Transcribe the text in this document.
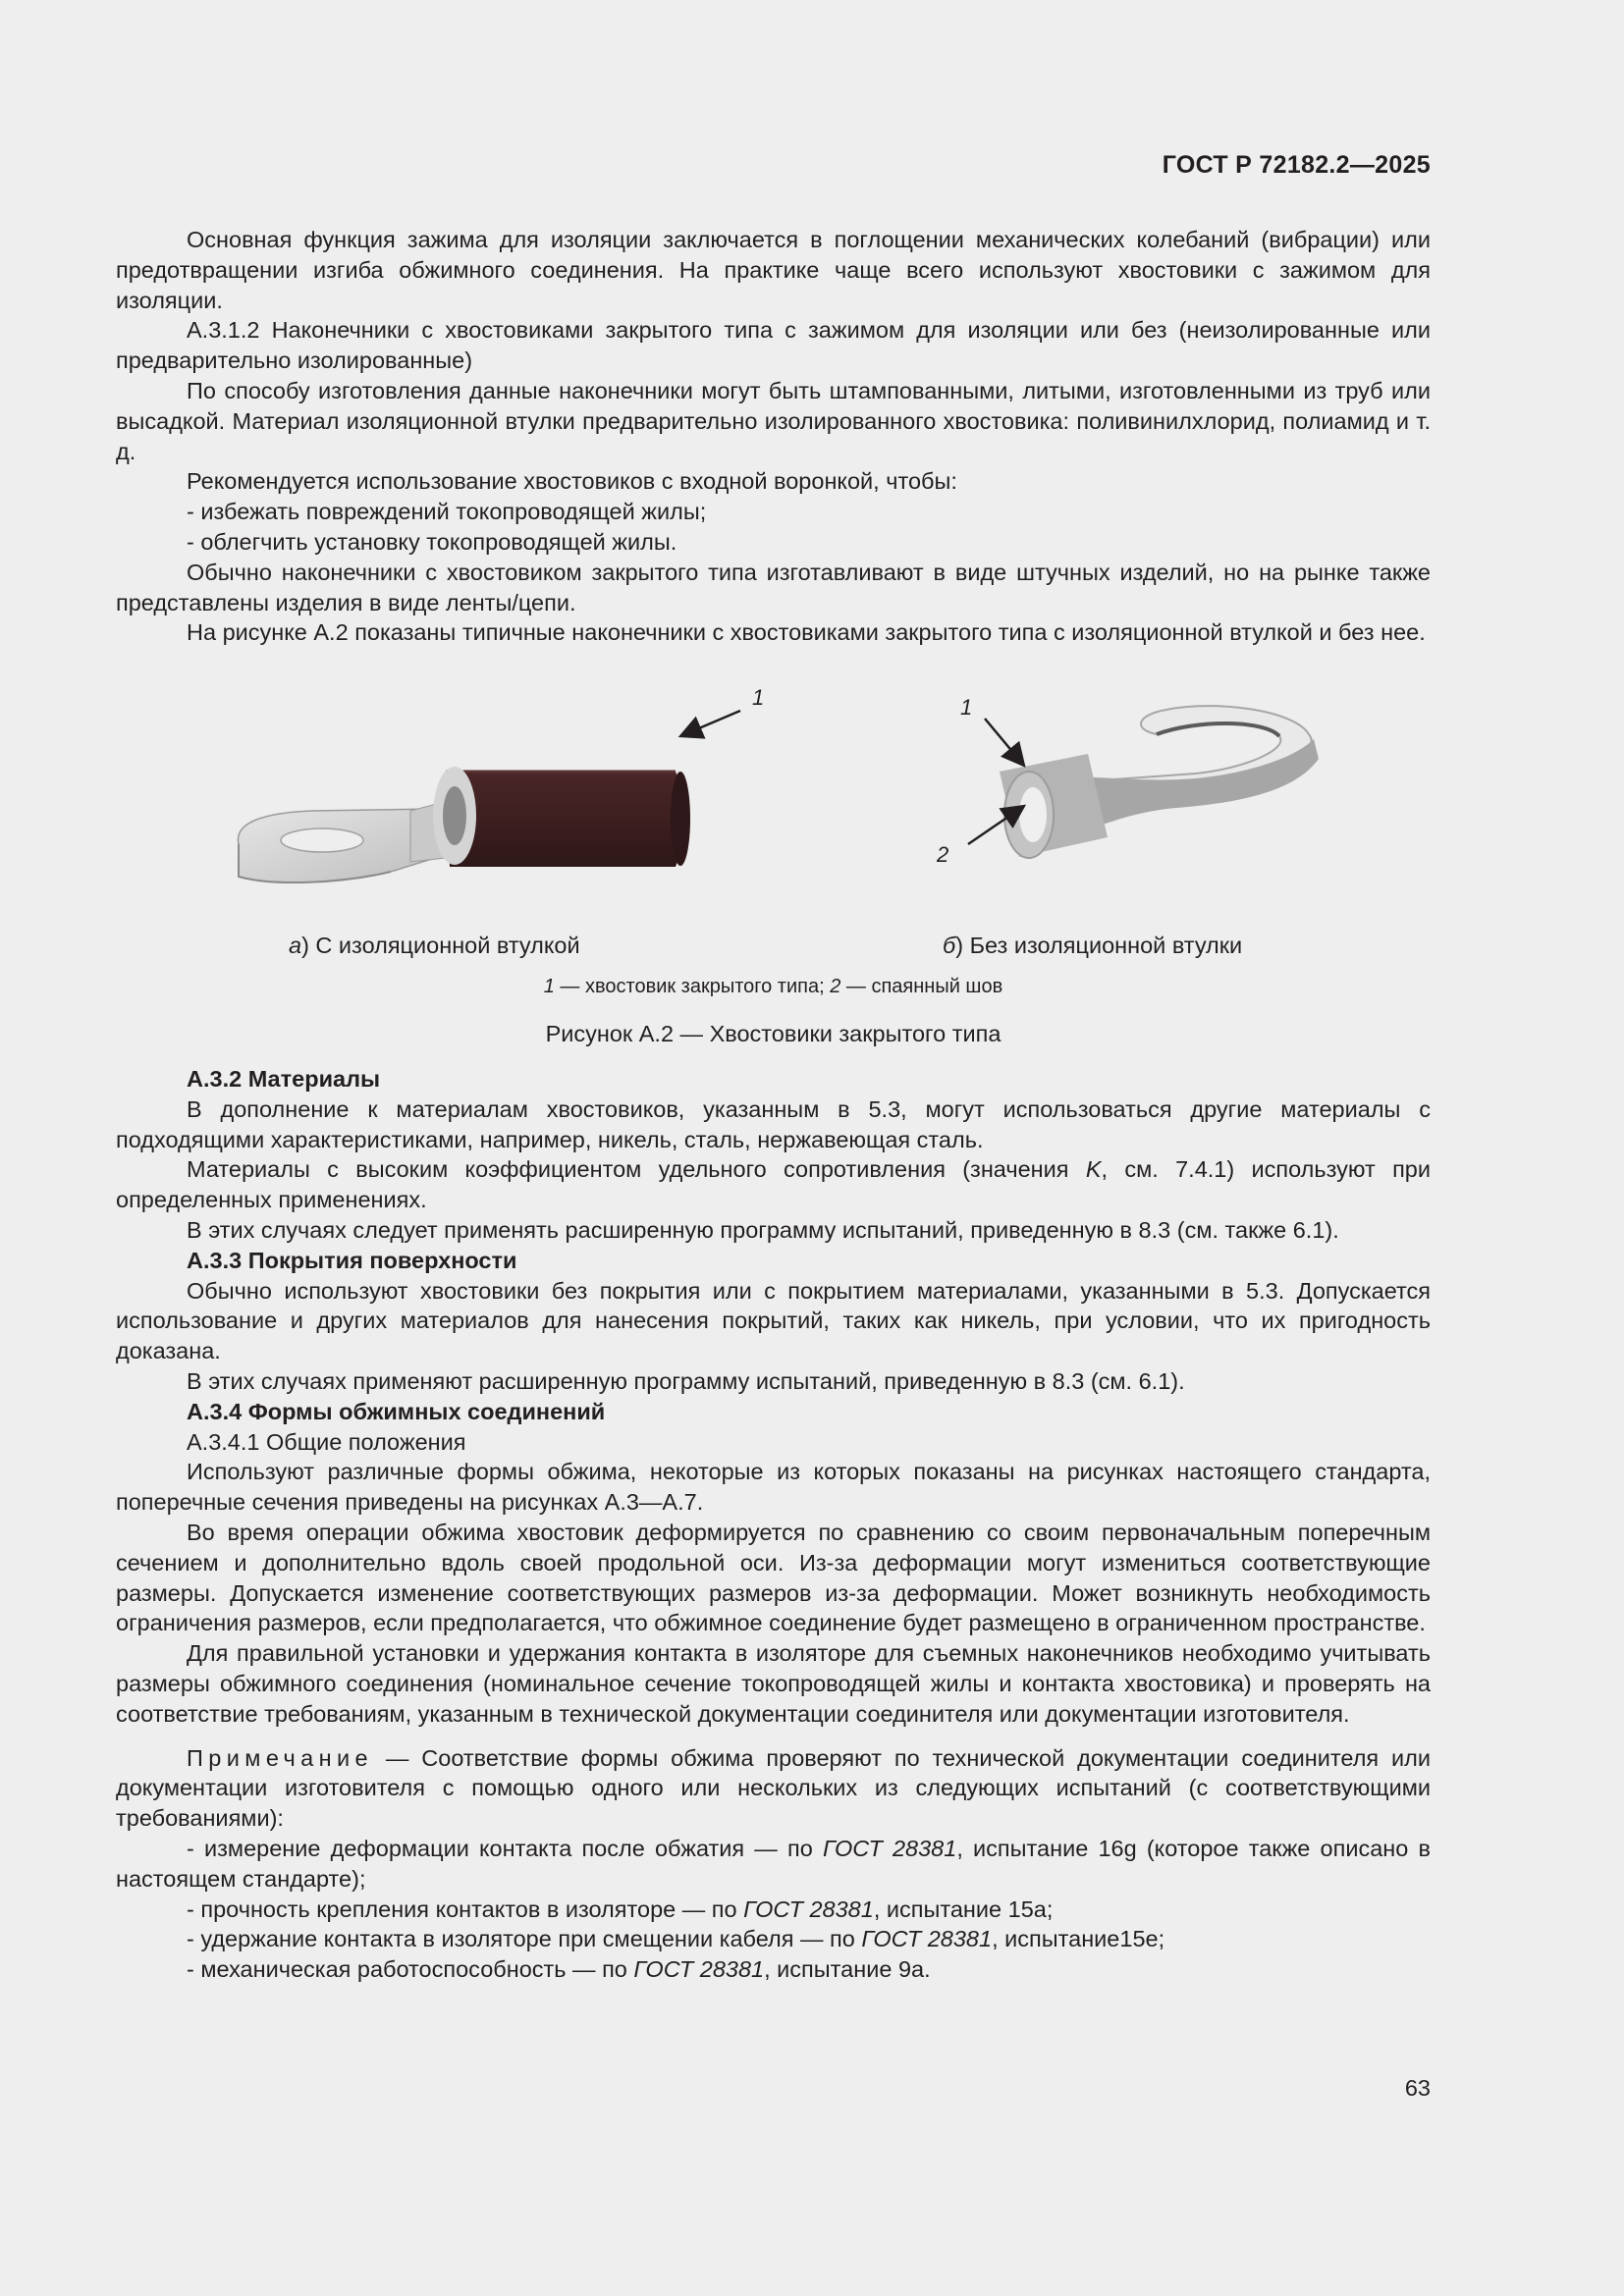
ГОСТ Р 72182.2—2025

Основная функция зажима для изоляции заключается в поглощении механических колебаний (вибрации) или предотвращении изгиба обжимного соединения. На практике чаще всего используют хвостовики с зажимом для изоляции.

А.3.1.2 Наконечники с хвостовиками закрытого типа с зажимом для изоляции или без (неизолированные или предварительно изолированные)

По способу изготовления данные наконечники могут быть штампованными, литыми, изготовленными из труб или высадкой. Материал изоляционной втулки предварительно изолированного хвостовика: поливинилхлорид, полиамид и т. д.

Рекомендуется использование хвостовиков с входной воронкой, чтобы:

- избежать повреждений токопроводящей жилы;

- облегчить установку токопроводящей жилы.

Обычно наконечники с хвостовиком закрытого типа изготавливают в виде штучных изделий, но на рынке также представлены изделия в виде ленты/цепи.

На рисунке А.2 показаны типичные наконечники с хвостовиками закрытого типа с изоляционной втулкой и без нее.

1	1
2
а) С изоляционной втулкой	б) Без изоляционной втулки
1 — хвостовик закрытого типа; 2 — спаянный шов
Рисунок А.2 — Хвостовики закрытого типа

А.3.2 Материалы

В дополнение к материалам хвостовиков, указанным в 5.3, могут использоваться другие материалы с подходящими характеристиками, например, никель, сталь, нержавеющая сталь.

Материалы с высоким коэффициентом удельного сопротивления (значения K, см. 7.4.1) используют при определенных применениях.

В этих случаях следует применять расширенную программу испытаний, приведенную в 8.3 (см. также 6.1).

А.3.3 Покрытия поверхности

Обычно используют хвостовики без покрытия или с покрытием материалами, указанными в 5.3. Допускается использование и других материалов для нанесения покрытий, таких как никель, при условии, что их пригодность доказана.

В этих случаях применяют расширенную программу испытаний, приведенную в 8.3 (см. 6.1).

А.3.4 Формы обжимных соединений

А.3.4.1 Общие положения

Используют различные формы обжима, некоторые из которых показаны на рисунках настоящего стандарта, поперечные сечения приведены на рисунках А.3—А.7.

Во время операции обжима хвостовик деформируется по сравнению со своим первоначальным поперечным сечением и дополнительно вдоль своей продольной оси. Из-за деформации могут измениться соответствующие размеры. Допускается изменение соответствующих размеров из-за деформации. Может возникнуть необходимость ограничения размеров, если предполагается, что обжимное соединение будет размещено в ограниченном пространстве.

Для правильной установки и удержания контакта в изоляторе для съемных наконечников необходимо учитывать размеры обжимного соединения (номинальное сечение токопроводящей жилы и контакта хвостовика) и проверять на соответствие требованиям, указанным в технической документации соединителя или документации изготовителя.

Примечание — Соответствие формы обжима проверяют по технической документации соединителя или документации изготовителя с помощью одного или нескольких из следующих испытаний (с соответствующими требованиями):

- измерение деформации контакта после обжатия — по ГОСТ 28381, испытание 16g (которое также описано в настоящем стандарте);

- прочность крепления контактов в изоляторе — по ГОСТ 28381, испытание 15a;

- удержание контакта в изоляторе при смещении кабеля — по ГОСТ 28381, испытание15e;

- механическая работоспособность — по ГОСТ 28381, испытание 9a.

63
